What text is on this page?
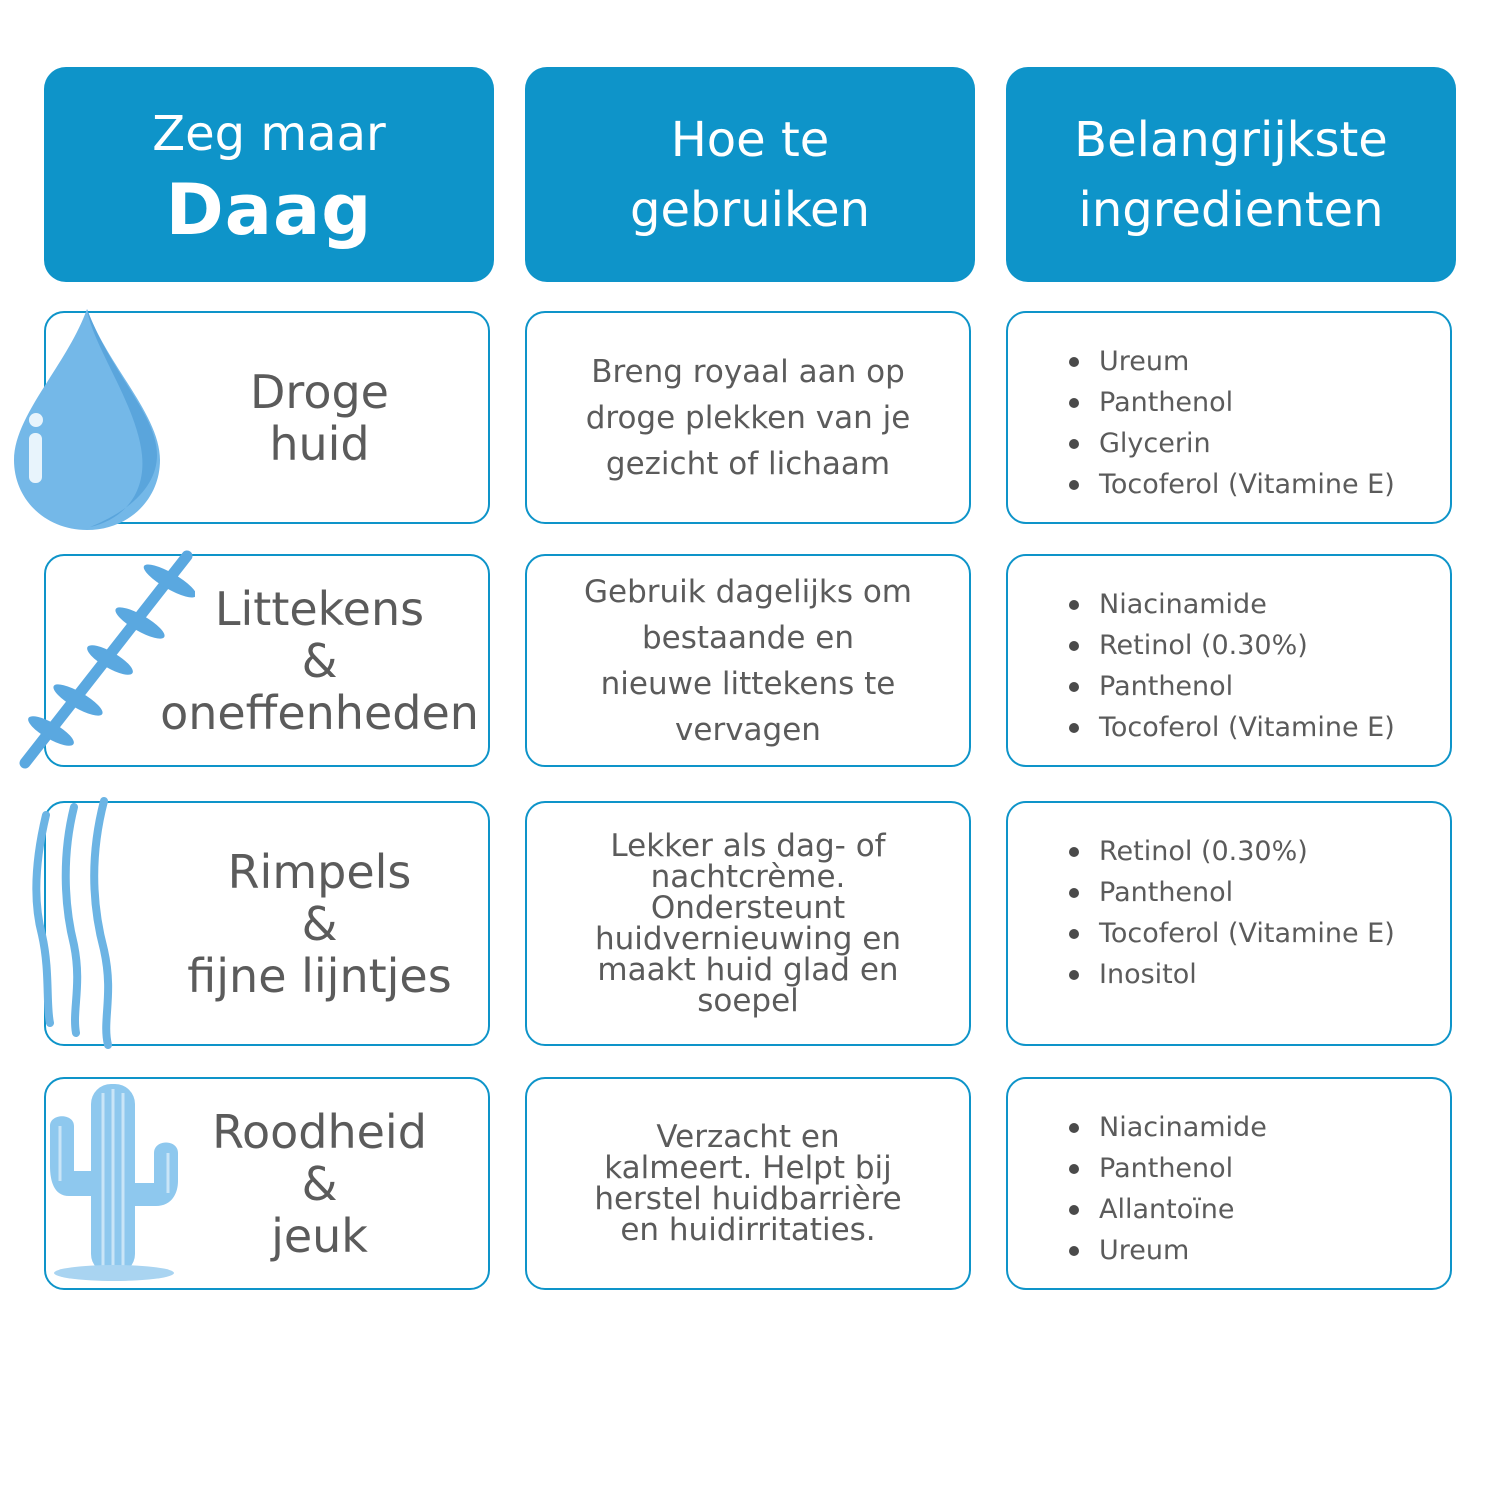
Zeg maar
Daag
Hoe te
gebruiken
Belangrijkste
ingredienten
Droge
huid
Breng royaal aan op
droge plekken van je
gezicht of lichaam
Ureum
Panthenol
Glycerin
Tocoferol (Vitamine E)
Littekens
&
oneffenheden
Gebruik dagelijks om
bestaande en
nieuwe littekens te
vervagen
Niacinamide
Retinol (0.30%)
Panthenol
Tocoferol (Vitamine E)
Rimpels
&
fijne lijntjes
Lekker als dag- of
nachtcrème.
Ondersteunt
huidvernieuwing en
maakt huid glad en
soepel
Retinol (0.30%)
Panthenol
Tocoferol (Vitamine E)
Inositol
Roodheid
&
jeuk
Verzacht en
kalmeert. Helpt bij
herstel huidbarrière
en huidirritaties.
Niacinamide
Panthenol
Allantoïne
Ureum
